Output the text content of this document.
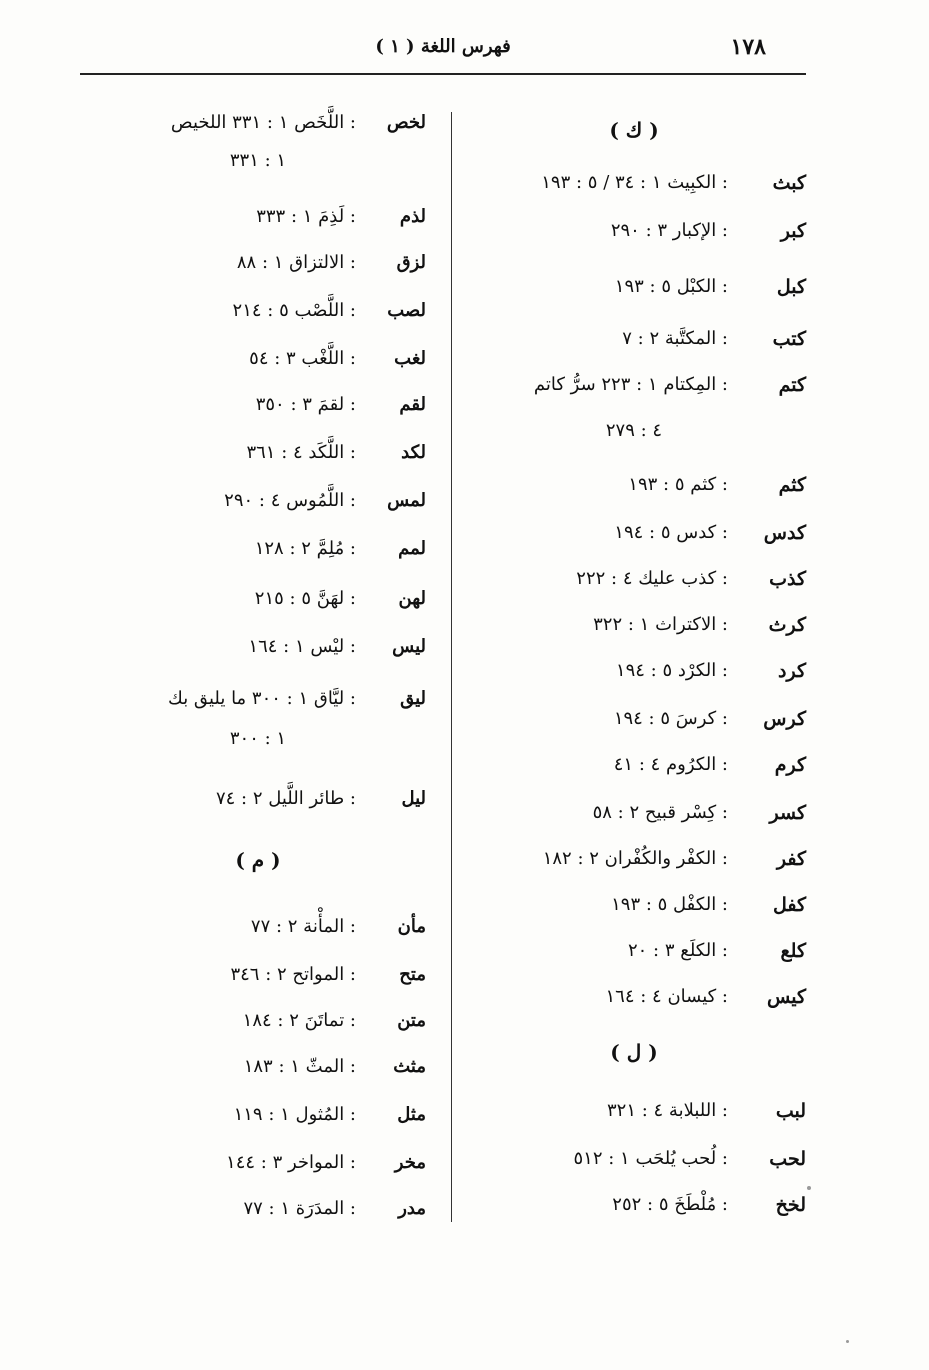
١٧٨
فهرس اللغة ( ١ )
( ك )
كبث
: الكبِيث ١ : ٣٤ / ٥ : ١٩٣
كبر
: الإكبار ٣ : ٢٩٠
كبل
: الكبْل ٥ : ١٩٣
كتب
: المكتَّبة ٢ : ٧
كتم
: المِكتام ١ : ٢٢٣ سرُّ كاتم
٤ : ٢٧٩
كثم
: كثم ٥ : ١٩٣
كدس
: كدس ٥ : ١٩٤
كذب
: كذب عليك ٤ : ٢٢٢
كرث
: الاكتراث ١ : ٣٢٢
كرد
: الكرْد ٥ : ١٩٤
كرس
: كرسَ ٥ : ١٩٤
كرم
: الكرُوم ٤ : ٤١
كسر
: كِسْر قبيح ٢ : ٥٨
كفر
: الكفْر والكُفْران ٢ : ١٨٢
كفل
: الكفْل ٥ : ١٩٣
كلع
: الكلَع ٣ : ٢٠
كيس
: كيسان ٤ : ١٦٤
( ل )
لبب
: اللبلابة ٤ : ٣٢١
لحب
: لُحب يُلحَب ١ : ٥١٢
لخخ
: مُلْطَخَ ٥ : ٢٥٢
لخص
: اللَّخَص ١ : ٣٣١ اللخيص
١ : ٣٣١
لذم
: لَذِمَ ١ : ٣٣٣
لزق
: الالتزاق ١ : ٨٨
لصب
: اللَّصْب ٥ : ٢١٤
لغب
: اللَّغْب ٣ : ٥٤
لقم
: لقمَ ٣ : ٣٥٠
لكد
: اللَّكَد ٤ : ٣٦١
لمس
: اللَّمُوس ٤ : ٢٩٠
لمم
: مُلِمَّ ٢ : ١٢٨
لهن
: لهَنَّ ٥ : ٢١٥
ليس
: ليْس ١ : ١٦٤
ليق
: ليَّاق ١ : ٣٠٠ ما يليق بك
١ : ٣٠٠
ليل
: طائر اللَّيل ٢ : ٧٤
( م )
مأن
: المأْنة ٢ : ٧٧
متح
: المواتح ٢ : ٣٤٦
متن
: تماتَنَ ٢ : ١٨٤
مثث
: المثّ ١ : ١٨٣
مثل
: المُثول ١ : ١١٩
مخر
: المواخر ٣ : ١٤٤
مدر
: المدَرَة ١ : ٧٧
